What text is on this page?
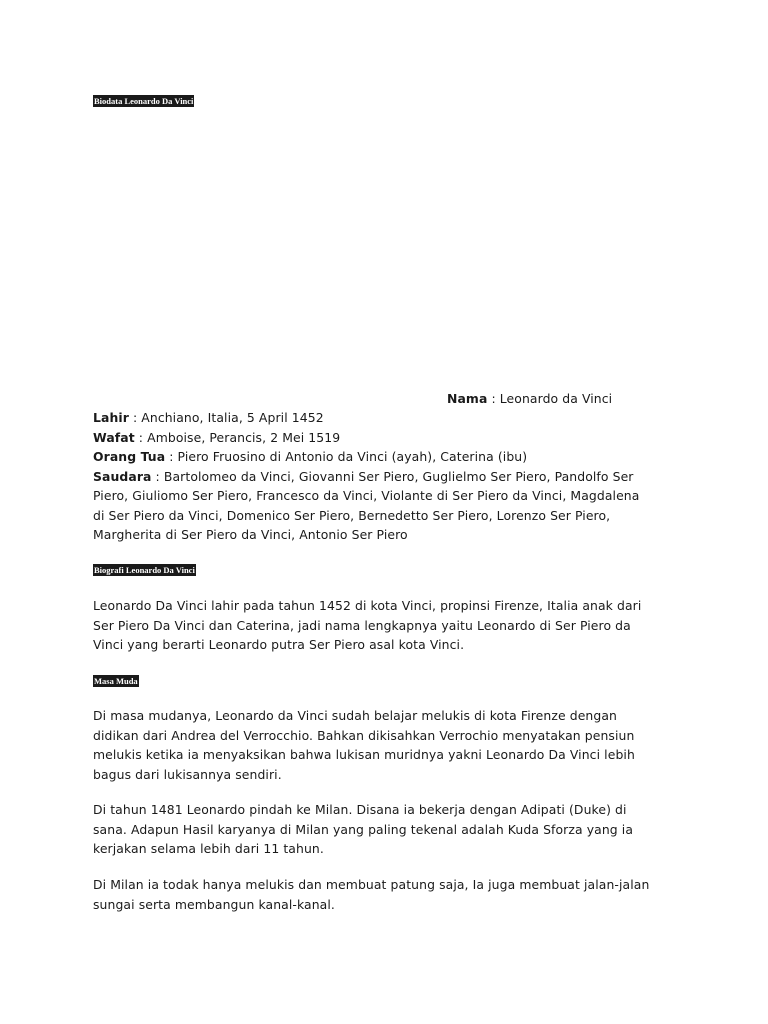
Biodata Leonardo Da Vinci
Nama : Leonardo da Vinci
Lahir : Anchiano, Italia, 5 April 1452
Wafat : Amboise, Perancis, 2 Mei 1519
Orang Tua : Piero Fruosino di Antonio da Vinci (ayah), Caterina (ibu)
Saudara : Bartolomeo da Vinci, Giovanni Ser Piero, Guglielmo Ser Piero, Pandolfo Ser
Piero, Giuliomo Ser Piero, Francesco da Vinci, Violante di Ser Piero da Vinci, Magdalena
di Ser Piero da Vinci, Domenico Ser Piero, Bernedetto Ser Piero, Lorenzo Ser Piero,
Margherita di Ser Piero da Vinci, Antonio Ser Piero
Biografi Leonardo Da Vinci
Leonardo Da Vinci lahir pada tahun 1452 di kota Vinci, propinsi Firenze, Italia anak dari
Ser Piero Da Vinci dan Caterina, jadi nama lengkapnya yaitu Leonardo di Ser Piero da
Vinci yang berarti Leonardo putra Ser Piero asal kota Vinci.
Masa Muda
Di masa mudanya, Leonardo da Vinci sudah belajar melukis di kota Firenze dengan
didikan dari Andrea del Verrocchio. Bahkan dikisahkan Verrochio menyatakan pensiun
melukis ketika ia menyaksikan bahwa lukisan muridnya yakni Leonardo Da Vinci lebih
bagus dari lukisannya sendiri.
Di tahun 1481 Leonardo pindah ke Milan. Disana ia bekerja dengan Adipati (Duke) di
sana. Adapun Hasil karyanya di Milan yang paling tekenal adalah Kuda Sforza yang ia
kerjakan selama lebih dari 11 tahun.
Di Milan ia todak hanya melukis dan membuat patung saja, Ia juga membuat jalan-jalan
sungai serta membangun kanal-kanal.
